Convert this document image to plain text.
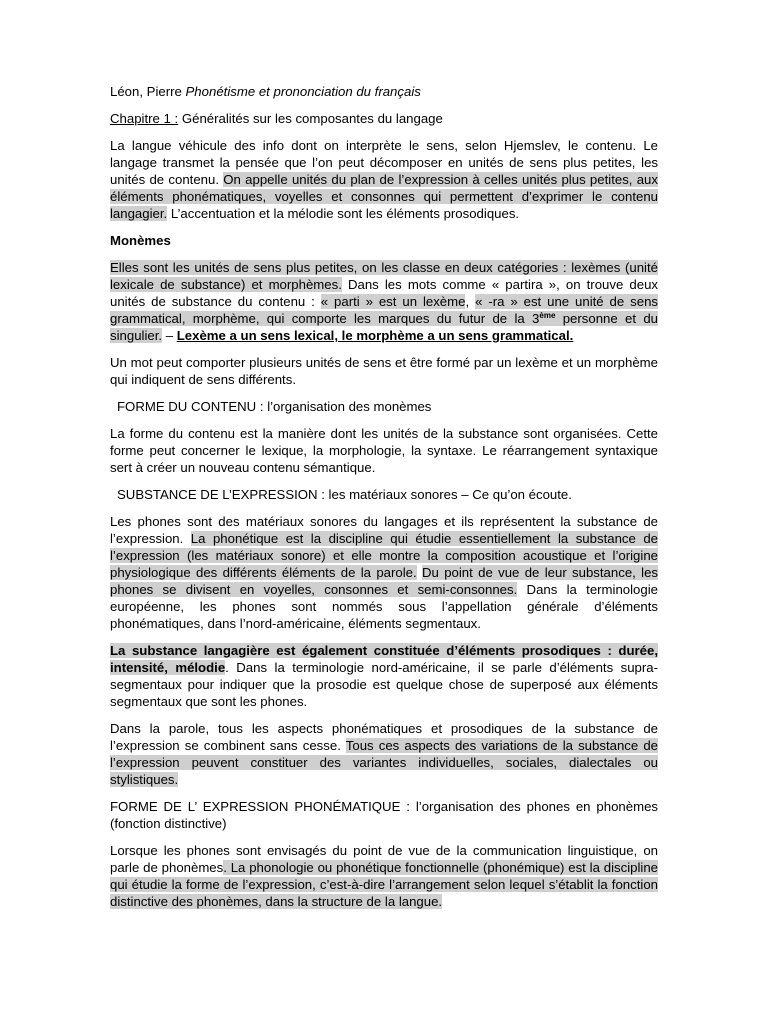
Léon, Pierre Phonétisme et prononciation du français

Chapitre 1 : Généralités sur les composantes du langage

La langue véhicule des info dont on interprète le sens, selon Hjemslev, le contenu. Le langage transmet la pensée que l’on peut décomposer en unités de sens plus petites, les unités de contenu. On appelle unités du plan de l’expression à celles unités plus petites, aux éléments phonématiques, voyelles et consonnes qui permettent d’exprimer le contenu langagier. L’accentuation et la mélodie sont les éléments prosodiques.

Monèmes

Elles sont les unités de sens plus petites, on les classe en deux catégories : lexèmes (unité lexicale de substance) et morphèmes. Dans les mots comme « partira », on trouve deux unités de substance du contenu : « parti » est un lexème, « -ra » est une unité de sens grammatical, morphème, qui comporte les marques du futur de la 3ème personne et du singulier. – Lexème a un sens lexical, le morphème a un sens grammatical.

Un mot peut comporter plusieurs unités de sens et être formé par un lexème et un morphème qui indiquent de sens différents.

FORME DU CONTENU : l’organisation des monèmes

La forme du contenu est la manière dont les unités de la substance sont organisées. Cette forme peut concerner le lexique, la morphologie, la syntaxe. Le réarrangement syntaxique sert à créer un nouveau contenu sémantique.

SUBSTANCE DE L’EXPRESSION : les matériaux sonores – Ce qu’on écoute.

Les phones sont des matériaux sonores du langages et ils représentent la substance de l’expression. La phonétique est la discipline qui étudie essentiellement la substance de l’expression (les matériaux sonore) et elle montre la composition acoustique et l’origine physiologique des différents éléments de la parole. Du point de vue de leur substance, les phones se divisent en voyelles, consonnes et semi-consonnes. Dans la terminologie européenne, les phones sont nommés sous l’appellation générale d’éléments phonématiques, dans l’nord-américaine, éléments segmentaux.

La substance langagière est également constituée d’éléments prosodiques : durée, intensité, mélodie. Dans la terminologie nord-américaine, il se parle d’éléments supra-segmentaux pour indiquer que la prosodie est quelque chose de superposé aux éléments segmentaux que sont les phones.

Dans la parole, tous les aspects phonématiques et prosodiques de la substance de l’expression se combinent sans cesse. Tous ces aspects des variations de la substance de l’expression peuvent constituer des variantes individuelles, sociales, dialectales ou stylistiques.

FORME DE L’ EXPRESSION PHONÉMATIQUE : l’organisation des phones en phonèmes (fonction distinctive)

Lorsque les phones sont envisagés du point de vue de la communication linguistique, on parle de phonèmes. La phonologie ou phonétique fonctionnelle (phonémique) est la discipline qui étudie la forme de l’expression, c’est-à-dire l’arrangement selon lequel s’établit la fonction distinctive des phonèmes, dans la structure de la langue.
